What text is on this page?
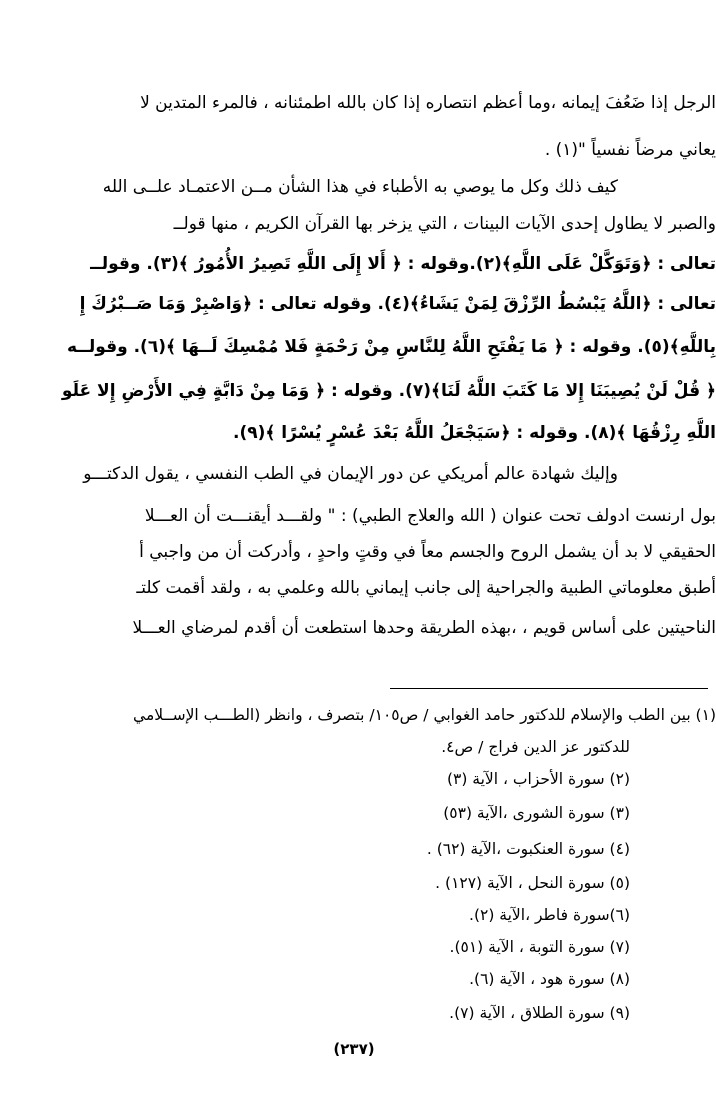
الرجل إذا ضَعُفَ إيمانه ،وما أعظم انتصاره إذا كان بالله اطمئنانه ، فالمرء المتدين لا
يعاني مرضاً نفسياً "(١) .
كيف ذلك وكل ما يوصي به الأطباء في هذا الشأن مــن الاعتمـاد علــى الله
والصبر لا يطاول إحدى الآيات البينات ، التي يزخر بها القرآن الكريم ، منها قولــ
تعالى : ﴿وَتَوَكَّلْ عَلَى اللَّهِ﴾(٢).وقوله : ﴿ أَلا إِلَى اللَّهِ تَصِيرُ الأُمُورُ ﴾(٣). وقولــ
تعالى : ﴿اللَّهُ يَبْسُطُ الرِّزْقَ لِمَنْ يَشَاءُ﴾(٤). وقوله تعالى : ﴿وَاصْبِرْ وَمَا صَــبْرُكَ إِ
بِاللَّهِ﴾(٥). وقوله : ﴿ مَا يَفْتَحِ اللَّهُ لِلنَّاسِ مِنْ رَحْمَةٍ فَلا مُمْسِكَ لَــهَا ﴾(٦). وقولــه
﴿ قُلْ لَنْ يُصِيبَنَا إِلا مَا كَتَبَ اللَّهُ لَنَا﴾(٧). وقوله : ﴿ وَمَا مِنْ دَابَّةٍ فِي الأَرْضِ إِلا عَلَو
اللَّهِ رِزْقُهَا ﴾(٨). وقوله : ﴿سَيَجْعَلُ اللَّهُ بَعْدَ عُسْرٍ يُسْرًا ﴾(٩).
وإليك شهادة عالم أمريكي عن دور الإيمان في الطب النفسي ، يقول الدكتـــو
بول ارنست ادولف تحت عنوان ( الله والعلاج الطبي) : " ولقـــد أيقنـــت أن العـــلا
الحقيقي لا بد أن يشمل الروح والجسم معاً في وقتٍ واحدٍ ، وأدركت أن من واجبي أ
أطبق معلوماتي الطبية والجراحية إلى جانب إيماني بالله وعلمي به ، ولقد أقمت كلتـ
الناحيتين على أساس قويم ، ،بهذه الطريقة وحدها استطعت أن أقدم لمرضاي العـــلا
(١) بين الطب والإسلام للدكتور حامد الغوابي / ص١٠٥/ بتصرف ، وانظر (الطـــب الإســلامي
للدكتور عز الدين فراج / ص٤.
(٢) سورة الأحزاب ، الآية (٣)
(٣) سورة الشورى ،الآية (٥٣)
(٤) سورة العنكبوت ،الآية (٦٢) .
(٥) سورة النحل ، الآية (١٢٧) .
(٦)سورة فاطر ،الآية (٢).
(٧) سورة التوبة ، الآية (٥١).
(٨) سورة هود ، الآية (٦).
(٩) سورة الطلاق ، الآية (٧).
(٢٣٧)
